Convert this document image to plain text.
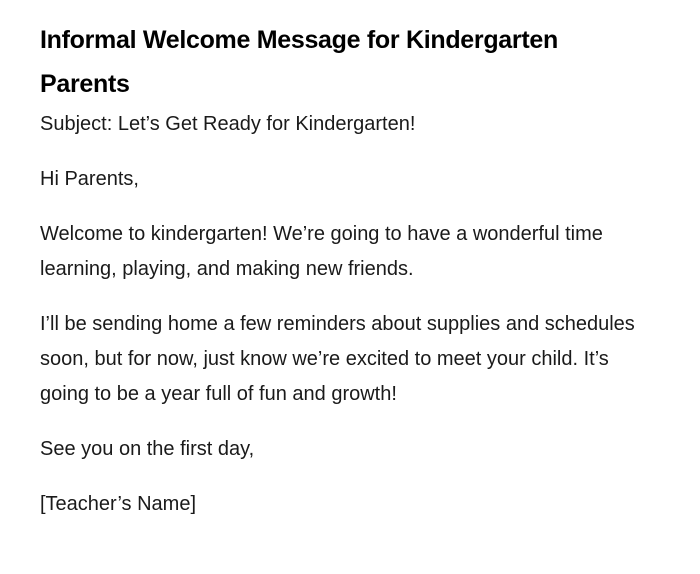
Informal Welcome Message for Kindergarten Parents

Subject: Let’s Get Ready for Kindergarten!

Hi Parents,

Welcome to kindergarten! We’re going to have a wonderful time learning, playing, and making new friends.

I’ll be sending home a few reminders about supplies and schedules soon, but for now, just know we’re excited to meet your child. It’s going to be a year full of fun and growth!

See you on the first day,

[Teacher’s Name]
